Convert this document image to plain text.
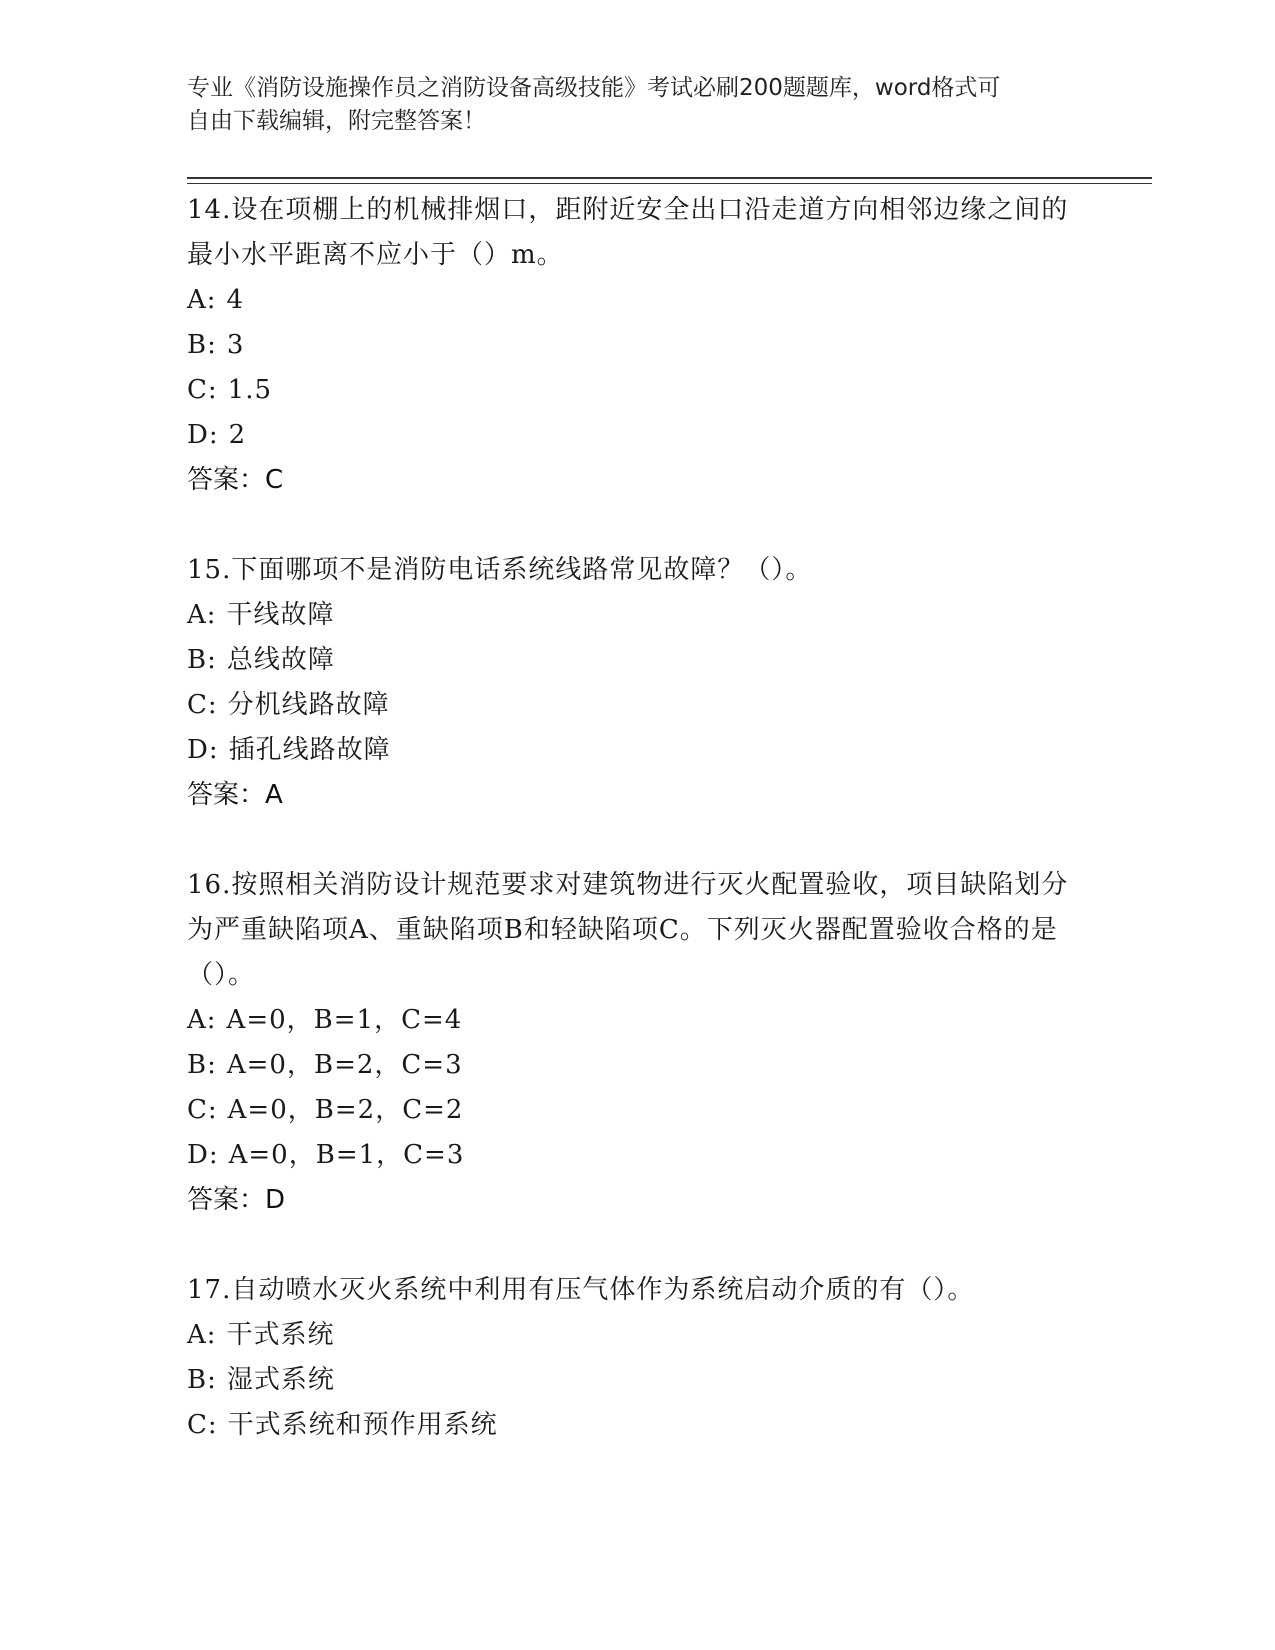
专业《消防设施操作员之消防设备高级技能》考试必刷200题题库，word格式可

自由下载编辑，附完整答案！

14.设在项棚上的机械排烟口，距附近安全出口沿走道方向相邻边缘之间的最小水平距离不应小于（）m。

A: 4

B: 3

C: 1.5

D: 2

答案：C

15.下面哪项不是消防电话系统线路常见故障？（）。

A: 干线故障

B: 总线故障

C: 分机线路故障

D: 插孔线路故障

答案：A

16.按照相关消防设计规范要求对建筑物进行灭火配置验收，项目缺陷划分为严重缺陷项A、重缺陷项B和轻缺陷项C。下列灭火器配置验收合格的是（）。

A: A=0，B=1，C=4

B: A=0，B=2，C=3

C: A=0，B=2，C=2

D: A=0，B=1，C=3

答案：D

17.自动喷水灭火系统中利用有压气体作为系统启动介质的有（）。

A: 干式系统

B: 湿式系统

C: 干式系统和预作用系统
